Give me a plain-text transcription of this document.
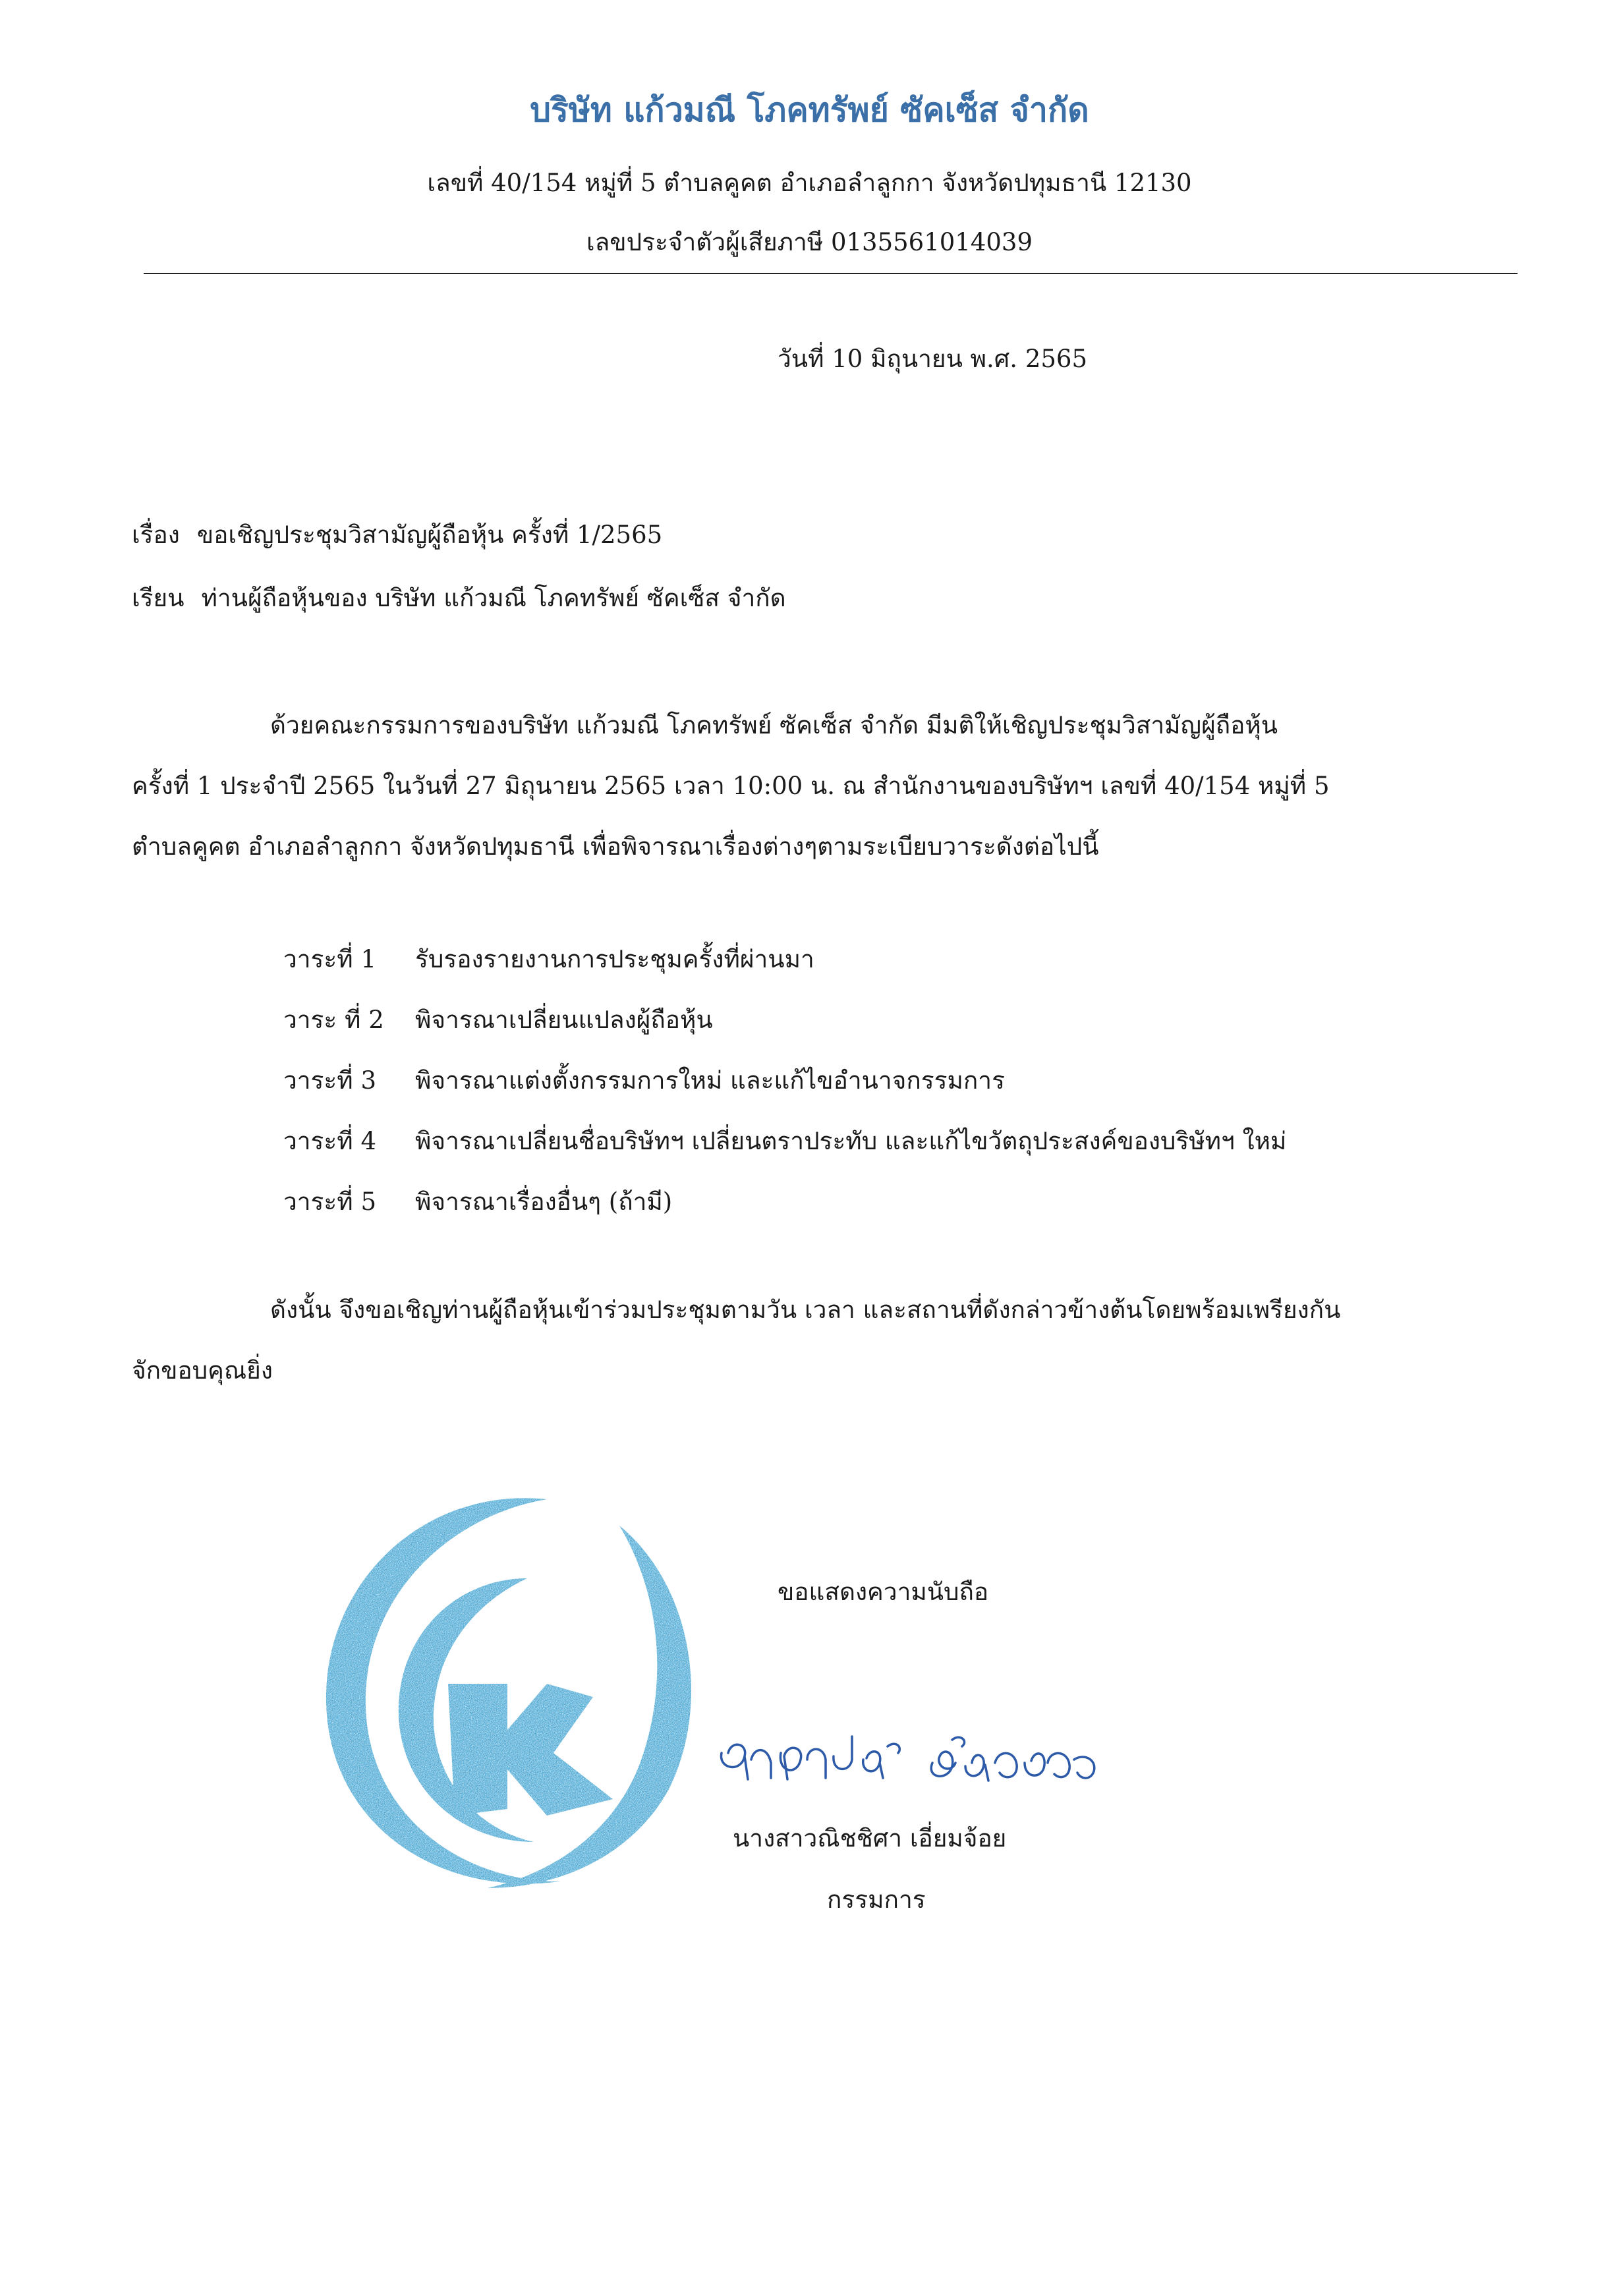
บริษัท แก้วมณี โภคทรัพย์ ซัคเซ็ส จำกัด
เลขที่ 40/154 หมู่ที่ 5 ตำบลคูคต อำเภอลำลูกกา จังหวัดปทุมธานี 12130
เลขประจำตัวผู้เสียภาษี 0135561014039
วันที่ 10 มิถุนายน พ.ศ. 2565
เรื่อง ขอเชิญประชุมวิสามัญผู้ถือหุ้น ครั้งที่ 1/2565
เรียน ท่านผู้ถือหุ้นของ บริษัท แก้วมณี โภคทรัพย์ ซัคเซ็ส จำกัด
ด้วยคณะกรรมการของบริษัท แก้วมณี โภคทรัพย์ ซัคเซ็ส จำกัด มีมติให้เชิญประชุมวิสามัญผู้ถือหุ้น
ครั้งที่ 1 ประจำปี 2565 ในวันที่ 27 มิถุนายน 2565 เวลา 10:00 น. ณ สำนักงานของบริษัทฯ เลขที่ 40/154 หมู่ที่ 5
ตำบลคูคต อำเภอลำลูกกา จังหวัดปทุมธานี เพื่อพิจารณาเรื่องต่างๆตามระเบียบวาระดังต่อไปนี้
วาระที่ 1 รับรองรายงานการประชุมครั้งที่ผ่านมา
วาระ ที่ 2 พิจารณาเปลี่ยนแปลงผู้ถือหุ้น
วาระที่ 3 พิจารณาแต่งตั้งกรรมการใหม่ และแก้ไขอำนาจกรรมการ
วาระที่ 4 พิจารณาเปลี่ยนชื่อบริษัทฯ เปลี่ยนตราประทับ และแก้ไขวัตถุประสงค์ของบริษัทฯ ใหม่
วาระที่ 5 พิจารณาเรื่องอื่นๆ (ถ้ามี)
ดังนั้น จึงขอเชิญท่านผู้ถือหุ้นเข้าร่วมประชุมตามวัน เวลา และสถานที่ดังกล่าวข้างต้นโดยพร้อมเพรียงกัน
จักขอบคุณยิ่ง
ขอแสดงความนับถือ
นางสาวณิชชิศา เอี่ยมจ้อย
กรรมการ
